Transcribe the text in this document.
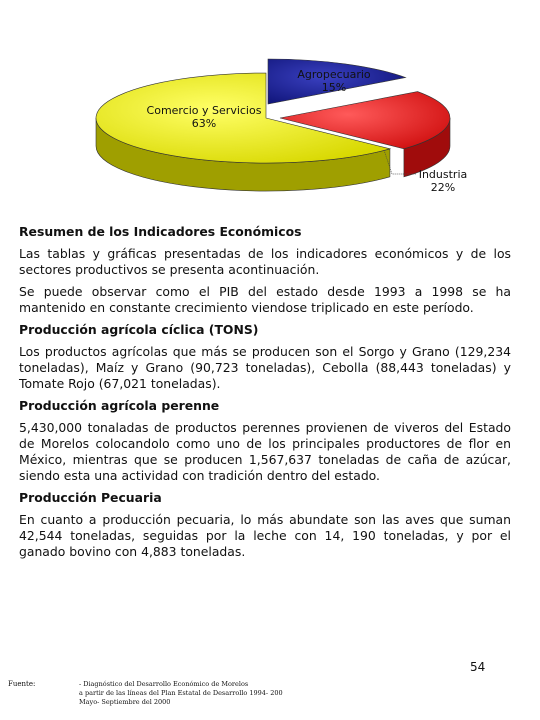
Agropecuario
15%
Comercio y Servicios
63%
Industria
22%
Resumen de los Indicadores Económicos

Las tablas y gráficas presentadas de los indicadores económicos y de los sectores productivos se presenta acontinuación.

Se puede observar como el PIB del estado desde 1993 a 1998 se ha mantenido en constante crecimiento viendose triplicado en este período.

Producción agrícola cíclica (TONS)

Los productos agrícolas que más se producen son el Sorgo y Grano (129,234 toneladas), Maíz y Grano (90,723 toneladas), Cebolla (88,443 toneladas) y Tomate Rojo (67,021 toneladas).

Producción agrícola perenne

5,430,000 tonaladas de productos perennes provienen de viveros del Estado de Morelos colocandolo como uno de los principales productores de flor en México, mientras que se producen 1,567,637 toneladas de caña de azúcar, siendo esta una actividad con tradición dentro del estado.

Producción Pecuaria

En cuanto a producción pecuaria, lo más abundate son las aves que suman 42,544 toneladas, seguidas por la leche con 14, 190 toneladas, y por el ganado bovino con 4,883 toneladas.

54
Fuente:	- Diagnóstico del Desarrollo Económico de Morelos
a partir de las líneas del Plan Estatal de Desarrollo 1994- 200
Mayo- Septiembre del 2000
